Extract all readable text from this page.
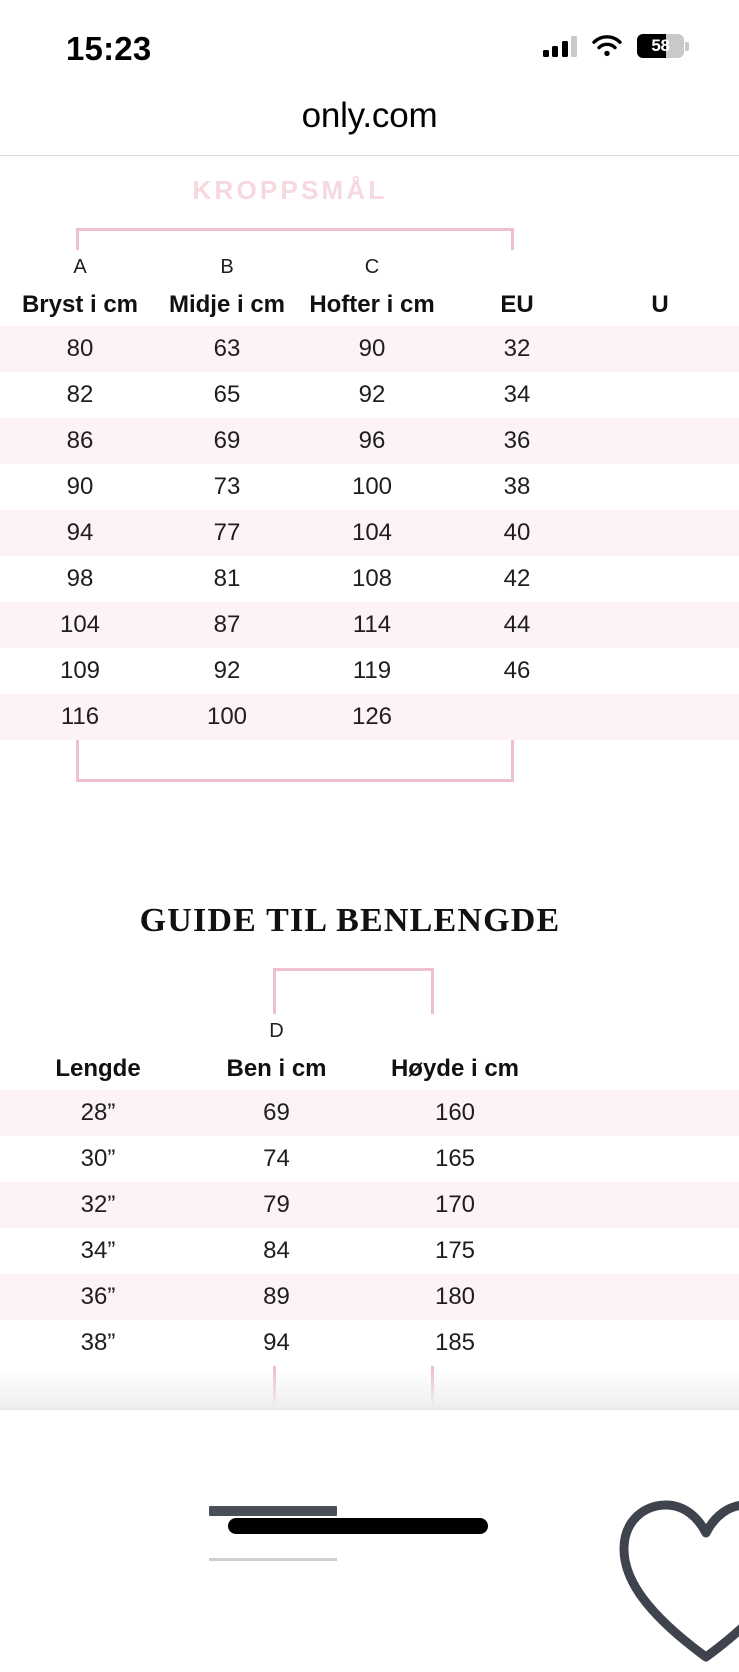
15:23	58
only.com
KROPPSMÅL
A	B	C
Bryst i cm	Midje i cm	Hofter i cm	EU	U
80	63	90	32
82	65	92	34
86	69	96	36
90	73	100	38
94	77	104	40
98	81	108	42
104	87	114	44
109	92	119	46
116	100	126
GUIDE TIL BENLENGDE
D
Lengde	Ben i cm	Høyde i cm
28”	69	160
30”	74	165
32”	79	170
34”	84	175
36”	89	180
38”	94	185
